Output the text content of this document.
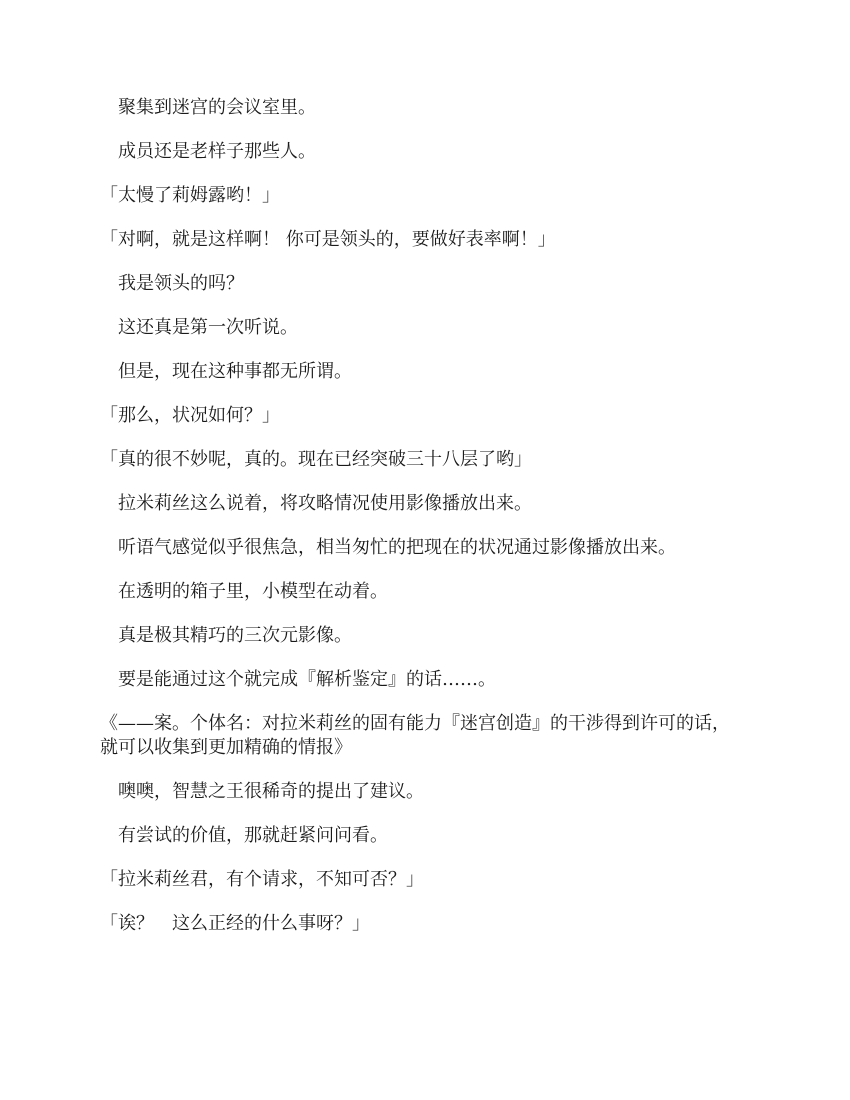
　聚集到迷宫的会议室里。

　成员还是老样子那些人。

「太慢了莉姆露哟！」

「对啊，就是这样啊！ 你可是领头的，要做好表率啊！」

　我是领头的吗？

　这还真是第一次听说。

　但是，现在这种事都无所谓。

「那么，状况如何？」

「真的很不妙呢，真的。现在已经突破三十八层了哟」

　拉米莉丝这么说着，将攻略情况使用影像播放出来。

　听语气感觉似乎很焦急，相当匆忙的把现在的状况通过影像播放出来。

　在透明的箱子里，小模型在动着。

　真是极其精巧的三次元影像。

　要是能通过这个就完成『解析鉴定』的话……。

《——案。个体名：对拉米莉丝的固有能力『迷宫创造』的干涉得到许可的话，就可以收集到更加精确的情报》

　噢噢，智慧之王很稀奇的提出了建议。

　有尝试的价值，那就赶紧问问看。

「拉米莉丝君，有个请求，不知可否？」

「诶？　这么正经的什么事呀？」
